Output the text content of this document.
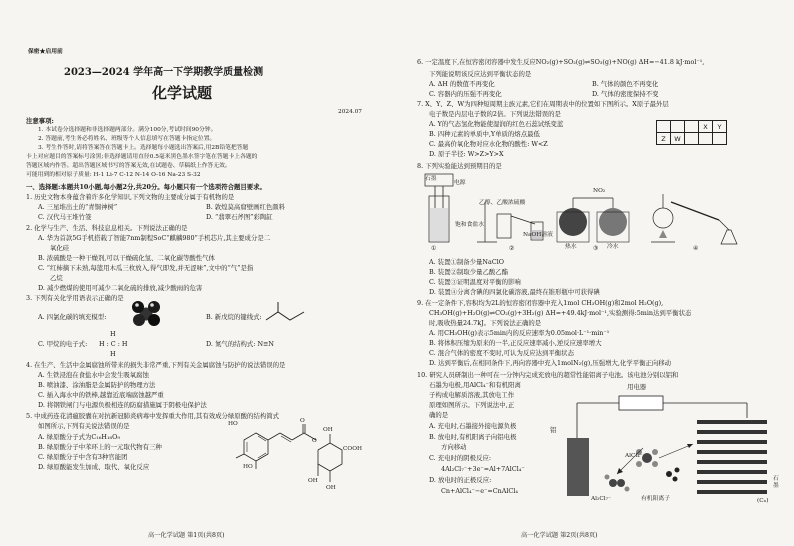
保密★启用前
2023—2024 学年高一下学期教学质量检测
化学试题
2024.07
注意事项:
1. 本试卷分选择题和非选择题两部分。满分100分,考试时间90分钟。
2. 答题前,考生务必将姓名、班级等个人信息填写在答题卡指定位置。
3. 考生作答时,请将答案答在答题卡上。选择题每小题选出答案后,用2B铅笔把答题
卡上对应题目的答案标号涂黑;非选择题请用直径0.5毫米黑色墨水签字笔在答题卡上各题的
答题区域内作答。超出答题区域书写的答案无效,在试题卷、草稿纸上作答无效。
可能用到的相对原子质量: H-1 Li-7 C-12 N-14 O-16 Na-23 S-32
一、选择题:本题共10小题,每小题2分,共20分。每小题只有一个选项符合题目要求。
1. 历史文物本身蕴含着许多化学知识,下列文物的主要成分属于有机物的是
A. 三星堆出土的“青铜神树”	B. 敦煌莫高窟壁画红色颜料
C. 汉代马王堆竹签	D. “翡翠石斧图”彩陶缸
2. 化学与生产、生活、科技息息相关。下列说法正确的是
A. 华为首款5G手机搭载了智能7nm制程SoC“麒麟980”手机芯片,其主要成分是二
氧化硅
B. 浓硫酸是一种干燥剂,可以干燥硫化氢、二氧化碳等酸性气体
C. “红柿摘下未熟,每篮用木瓜三枚放入,得气即发,并无涩味”,文中的“气”是指
乙烷
D. 减少燃煤的使用可减少二氧化硫的排放,减少酸雨的危害
3. 下列有关化学用语表示正确的是
A. 四氯化碳的填充模型:	B. 新戊烷的键线式:
C. 甲烷的电子式:
H
H : C : H
H
D. 氮气的结构式: N≡N
4. 在生产、生活中金属腐蚀所带来的损失非常严重,下列有关金属腐蚀与防护的说法错误的是
A. 生铁浸泡在食盐水中会发生吸氧腐蚀
B. 喷油漆、涂油脂是金属防护的物理方法
C. 插入海水中的铁棒,越靠近底端腐蚀越严重
D. 将钢铁闸门与电源负极相连的防腐措施属于阴极电保护法
5. 中成药连花清瘟胶囊在对抗新冠肺炎病毒中发挥重大作用,其有效成分绿原酸的结构简式
如图所示,下列有关说法错误的是
A. 绿原酸分子式为C₁₆H₁₈O₉
B. 绿原酸分子中苯环上的一元取代物有三种
C. 绿原酸分子中含有3种官能团
D. 绿原酸能发生加成、取代、氧化反应
HO
HO
OH
OH
OH
COOH
O
O
高一化学试题 第1页(共8页)
6. 一定温度下,在恒容密闭容器中发生反应NO₂(g)+SO₂(g)⇌SO₃(g)+NO(g) ΔH=−41.8 kJ·mol⁻¹,
下列能说明该反应达到平衡状态的是
A. ΔH 的数值不再变化	B. 气体的颜色不再变化
C. 容器内的压强不再变化	D. 气体的密度保持不变
7. X、Y、Z、W为四种短周期主族元素,它们在周期表中的位置如下图所示。X原子最外层
电子数是内层电子数的2倍。下列说法错误的是
A. Y的气态氢化物能使湿润的红色石蕊试纸变蓝
B. 四种元素的单质中,Y单质的熔点最低
C. 最高价氧化物对应水化物的酸性: W<Z
D. 原子半径: W>Z>Y>X
			X	Y
Z	W			
8. 下列实验能达到预期目的是
石墨
电源
饱和食盐水
乙醇、乙酸浓硫酸
NaOH溶液
NO₂
热水	冷水
①	②	③	④
A. 装置①制备少量NaClO
B. 装置②制取少量乙酸乙酯
C. 装置③证明温度对平衡的影响
D. 装置④分离含碘的四氯化碳溶液,最终在锥形瓶中可获得碘
9. 在一定条件下,容积均为2L的恒容密闭容器中充入1mol CH₃OH(g)和2mol H₂O(g),
CH₃OH(g)+H₂O(g)⇌CO₂(g)+3H₂(g) ΔH=+49.4kJ·mol⁻¹,实验测得:5min达到平衡状态
时,吸收热量24.7kJ。下列说法正确的是
A. 用CH₃OH(g)表示5min内的反应速率为0.05mol·L⁻¹·min⁻¹
B. 将体积压缩为原来的一半,正反应速率减小,逆反应速率增大
C. 混合气体的密度不变时,可认为反应达到平衡状态
D. 达到平衡后,在相同条件下,再向容器中充入1molN₂(g),压强增大,化学平衡正向移动
10. 研究人员研制出一种可在一分钟内完成充放电的超常性能铝离子电池。该电池分别以铝和
石墨为电极,用AlCl₄⁻和有机阳离
子构成电解质溶液,其放电工作
原理如图所示。下列说法中,正
确的是
A. 充电时,石墨接外接电源负极
B. 放电时,有机阳离子向铝电极
方向移动
C. 充电时的阴极反应:
4Al₂Cl₇⁻+3e⁻=Al+7AlCl₄⁻
D. 放电时的正极反应:
Cn+AlCl₄⁻−e⁻=CnAlCl₄
用电器
铝
AlCl₄⁻
Al₂Cl₇⁻	有机阳离子
石墨
(Cₙ)
高一化学试题 第2页(共8页)
